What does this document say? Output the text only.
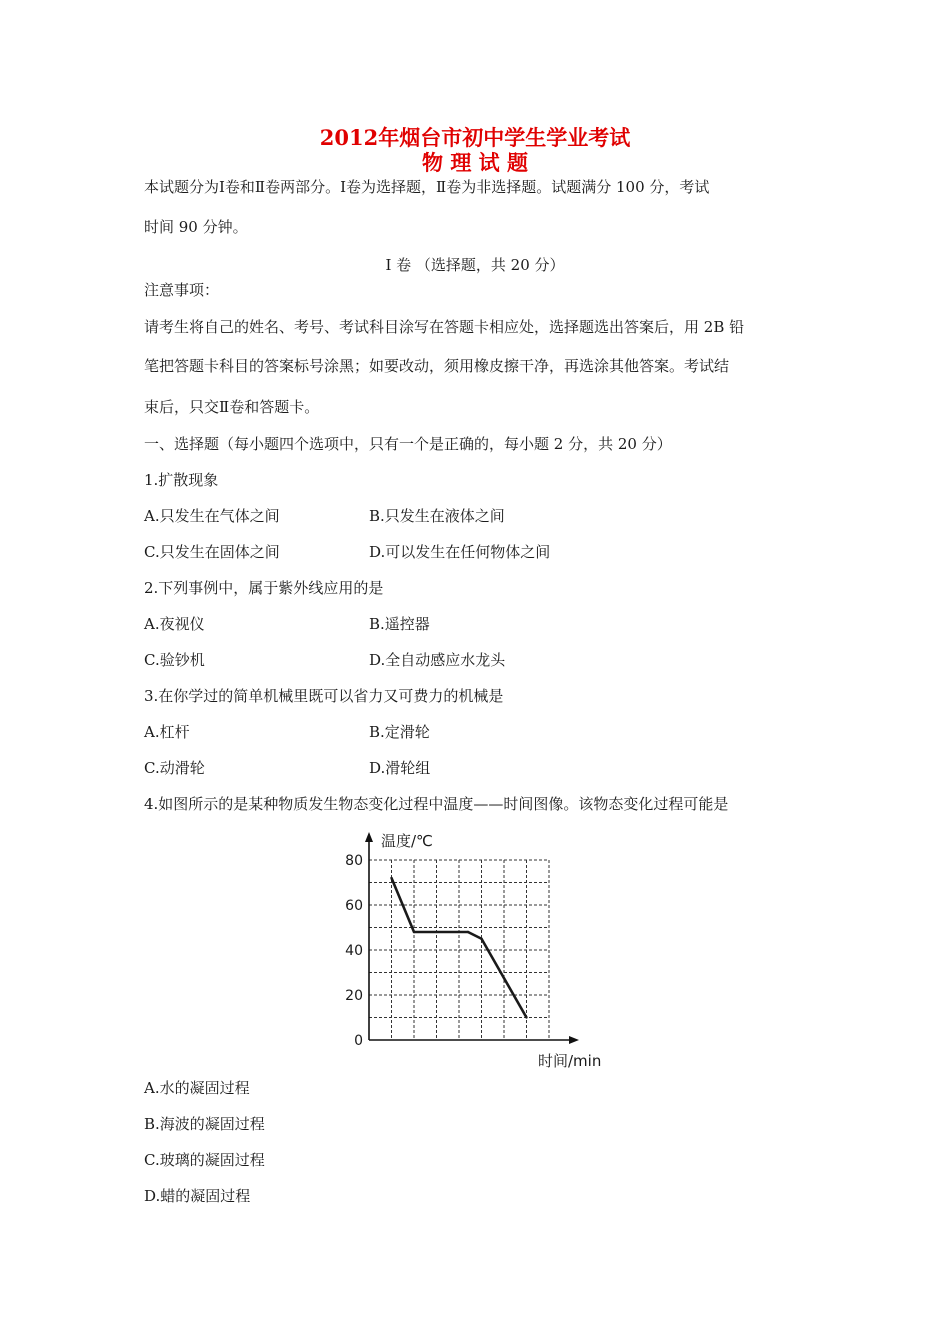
2012年烟台市初中学生学业考试
物 理 试 题
本试题分为Ⅰ卷和Ⅱ卷两部分。Ⅰ卷为选择题，Ⅱ卷为非选择题。试题满分 100 分，考试
时间 90 分钟。
Ⅰ 卷 （选择题，共 20 分）
注意事项：
请考生将自己的姓名、考号、考试科目涂写在答题卡相应处，选择题选出答案后，用 2B 铅
笔把答题卡科目的答案标号涂黑；如要改动，须用橡皮擦干净，再选涂其他答案。考试结
束后，只交Ⅱ卷和答题卡。
一、选择题（每小题四个选项中，只有一个是正确的，每小题 2 分，共 20 分）
1.扩散现象
A.只发生在气体之间	B.只发生在液体之间
C.只发生在固体之间	D.可以发生在任何物体之间
2.下列事例中，属于紫外线应用的是
A.夜视仪	B.遥控器
C.验钞机	D.全自动感应水龙头
3.在你学过的简单机械里既可以省力又可费力的机械是
A.杠杆	B.定滑轮
C.动滑轮	D.滑轮组
4.如图所示的是某种物质发生物态变化过程中温度——时间图像。该物态变化过程可能是
80
60
40
20
0
温度/℃
时间/min
A.水的凝固过程
B.海波的凝固过程
C.玻璃的凝固过程
D.蜡的凝固过程
